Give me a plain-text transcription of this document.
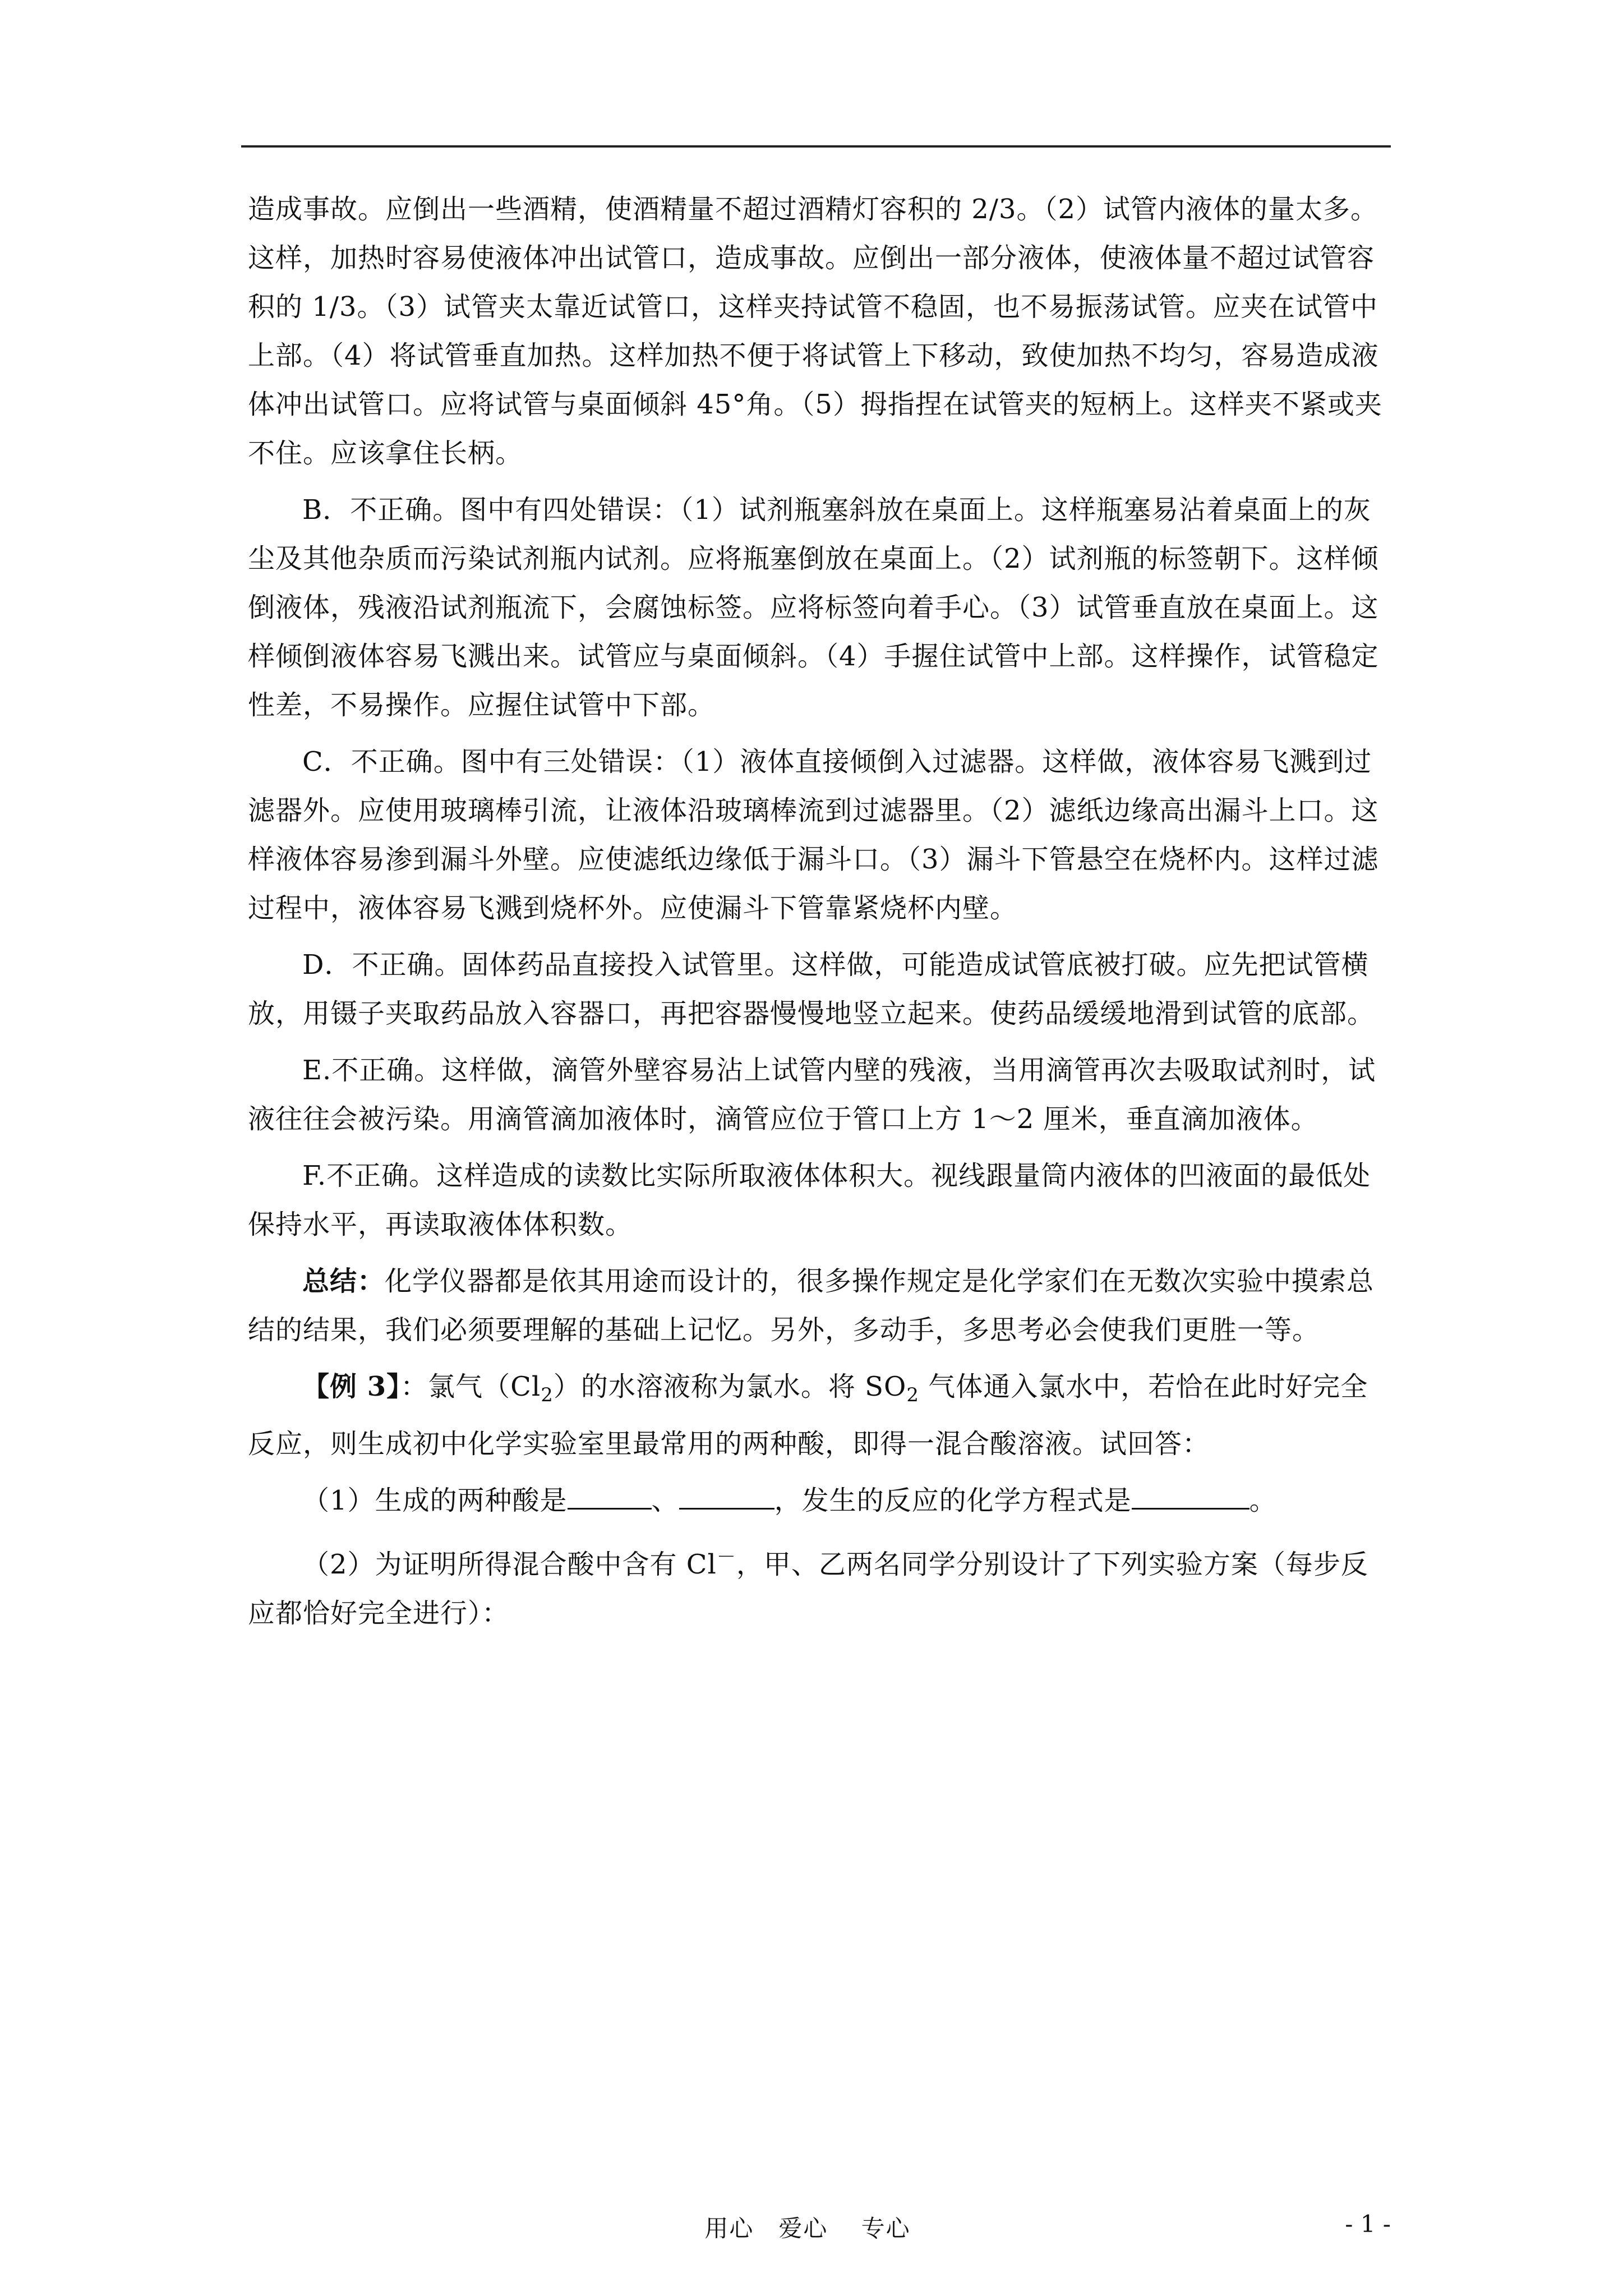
造成事故。应倒出一些酒精，使酒精量不超过酒精灯容积的 2/3。（2）试管内液体的量太多。这样，加热时容易使液体冲出试管口，造成事故。应倒出一部分液体，使液体量不超过试管容积的 1/3。（3）试管夹太靠近试管口，这样夹持试管不稳固，也不易振荡试管。应夹在试管中上部。（4）将试管垂直加热。这样加热不便于将试管上下移动，致使加热不均匀，容易造成液体冲出试管口。应将试管与桌面倾斜 45°角。（5）拇指捏在试管夹的短柄上。这样夹不紧或夹不住。应该拿住长柄。

B．不正确。图中有四处错误：（1）试剂瓶塞斜放在桌面上。这样瓶塞易沾着桌面上的灰尘及其他杂质而污染试剂瓶内试剂。应将瓶塞倒放在桌面上。（2）试剂瓶的标签朝下。这样倾倒液体，残液沿试剂瓶流下，会腐蚀标签。应将标签向着手心。（3）试管垂直放在桌面上。这样倾倒液体容易飞溅出来。试管应与桌面倾斜。（4）手握住试管中上部。这样操作，试管稳定性差，不易操作。应握住试管中下部。

C．不正确。图中有三处错误：（1）液体直接倾倒入过滤器。这样做，液体容易飞溅到过滤器外。应使用玻璃棒引流，让液体沿玻璃棒流到过滤器里。（2）滤纸边缘高出漏斗上口。这样液体容易渗到漏斗外壁。应使滤纸边缘低于漏斗口。（3）漏斗下管悬空在烧杯内。这样过滤过程中，液体容易飞溅到烧杯外。应使漏斗下管靠紧烧杯内壁。

D．不正确。固体药品直接投入试管里。这样做，可能造成试管底被打破。应先把试管横放，用镊子夹取药品放入容器口，再把容器慢慢地竖立起来。使药品缓缓地滑到试管的底部。

E.不正确。这样做，滴管外壁容易沾上试管内壁的残液，当用滴管再次去吸取试剂时，试液往往会被污染。用滴管滴加液体时，滴管应位于管口上方 1～2 厘米，垂直滴加液体。

F.不正确。这样造成的读数比实际所取液体体积大。视线跟量筒内液体的凹液面的最低处保持水平，再读取液体体积数。

总结：化学仪器都是依其用途而设计的，很多操作规定是化学家们在无数次实验中摸索总结的结果，我们必须要理解的基础上记忆。另外，多动手，多思考必会使我们更胜一等。

【例 3】：氯气$(Cl_2)$的水溶液称为氯水。将 $SO_2$ 气体通入氯水中，若恰在此时好完全反应，则生成初中化学实验室里最常用的两种酸，即得一混合酸溶液。试回答：

（1）生成的两种酸是	、	，发生的反应的化学方程式是	。

（2）为证明所得混合酸中含有 Cl－，甲、乙两名同学分别设计了下列实验方案（每步反应都恰好完全进行）：

用心　爱心　 专心	- 1 -
